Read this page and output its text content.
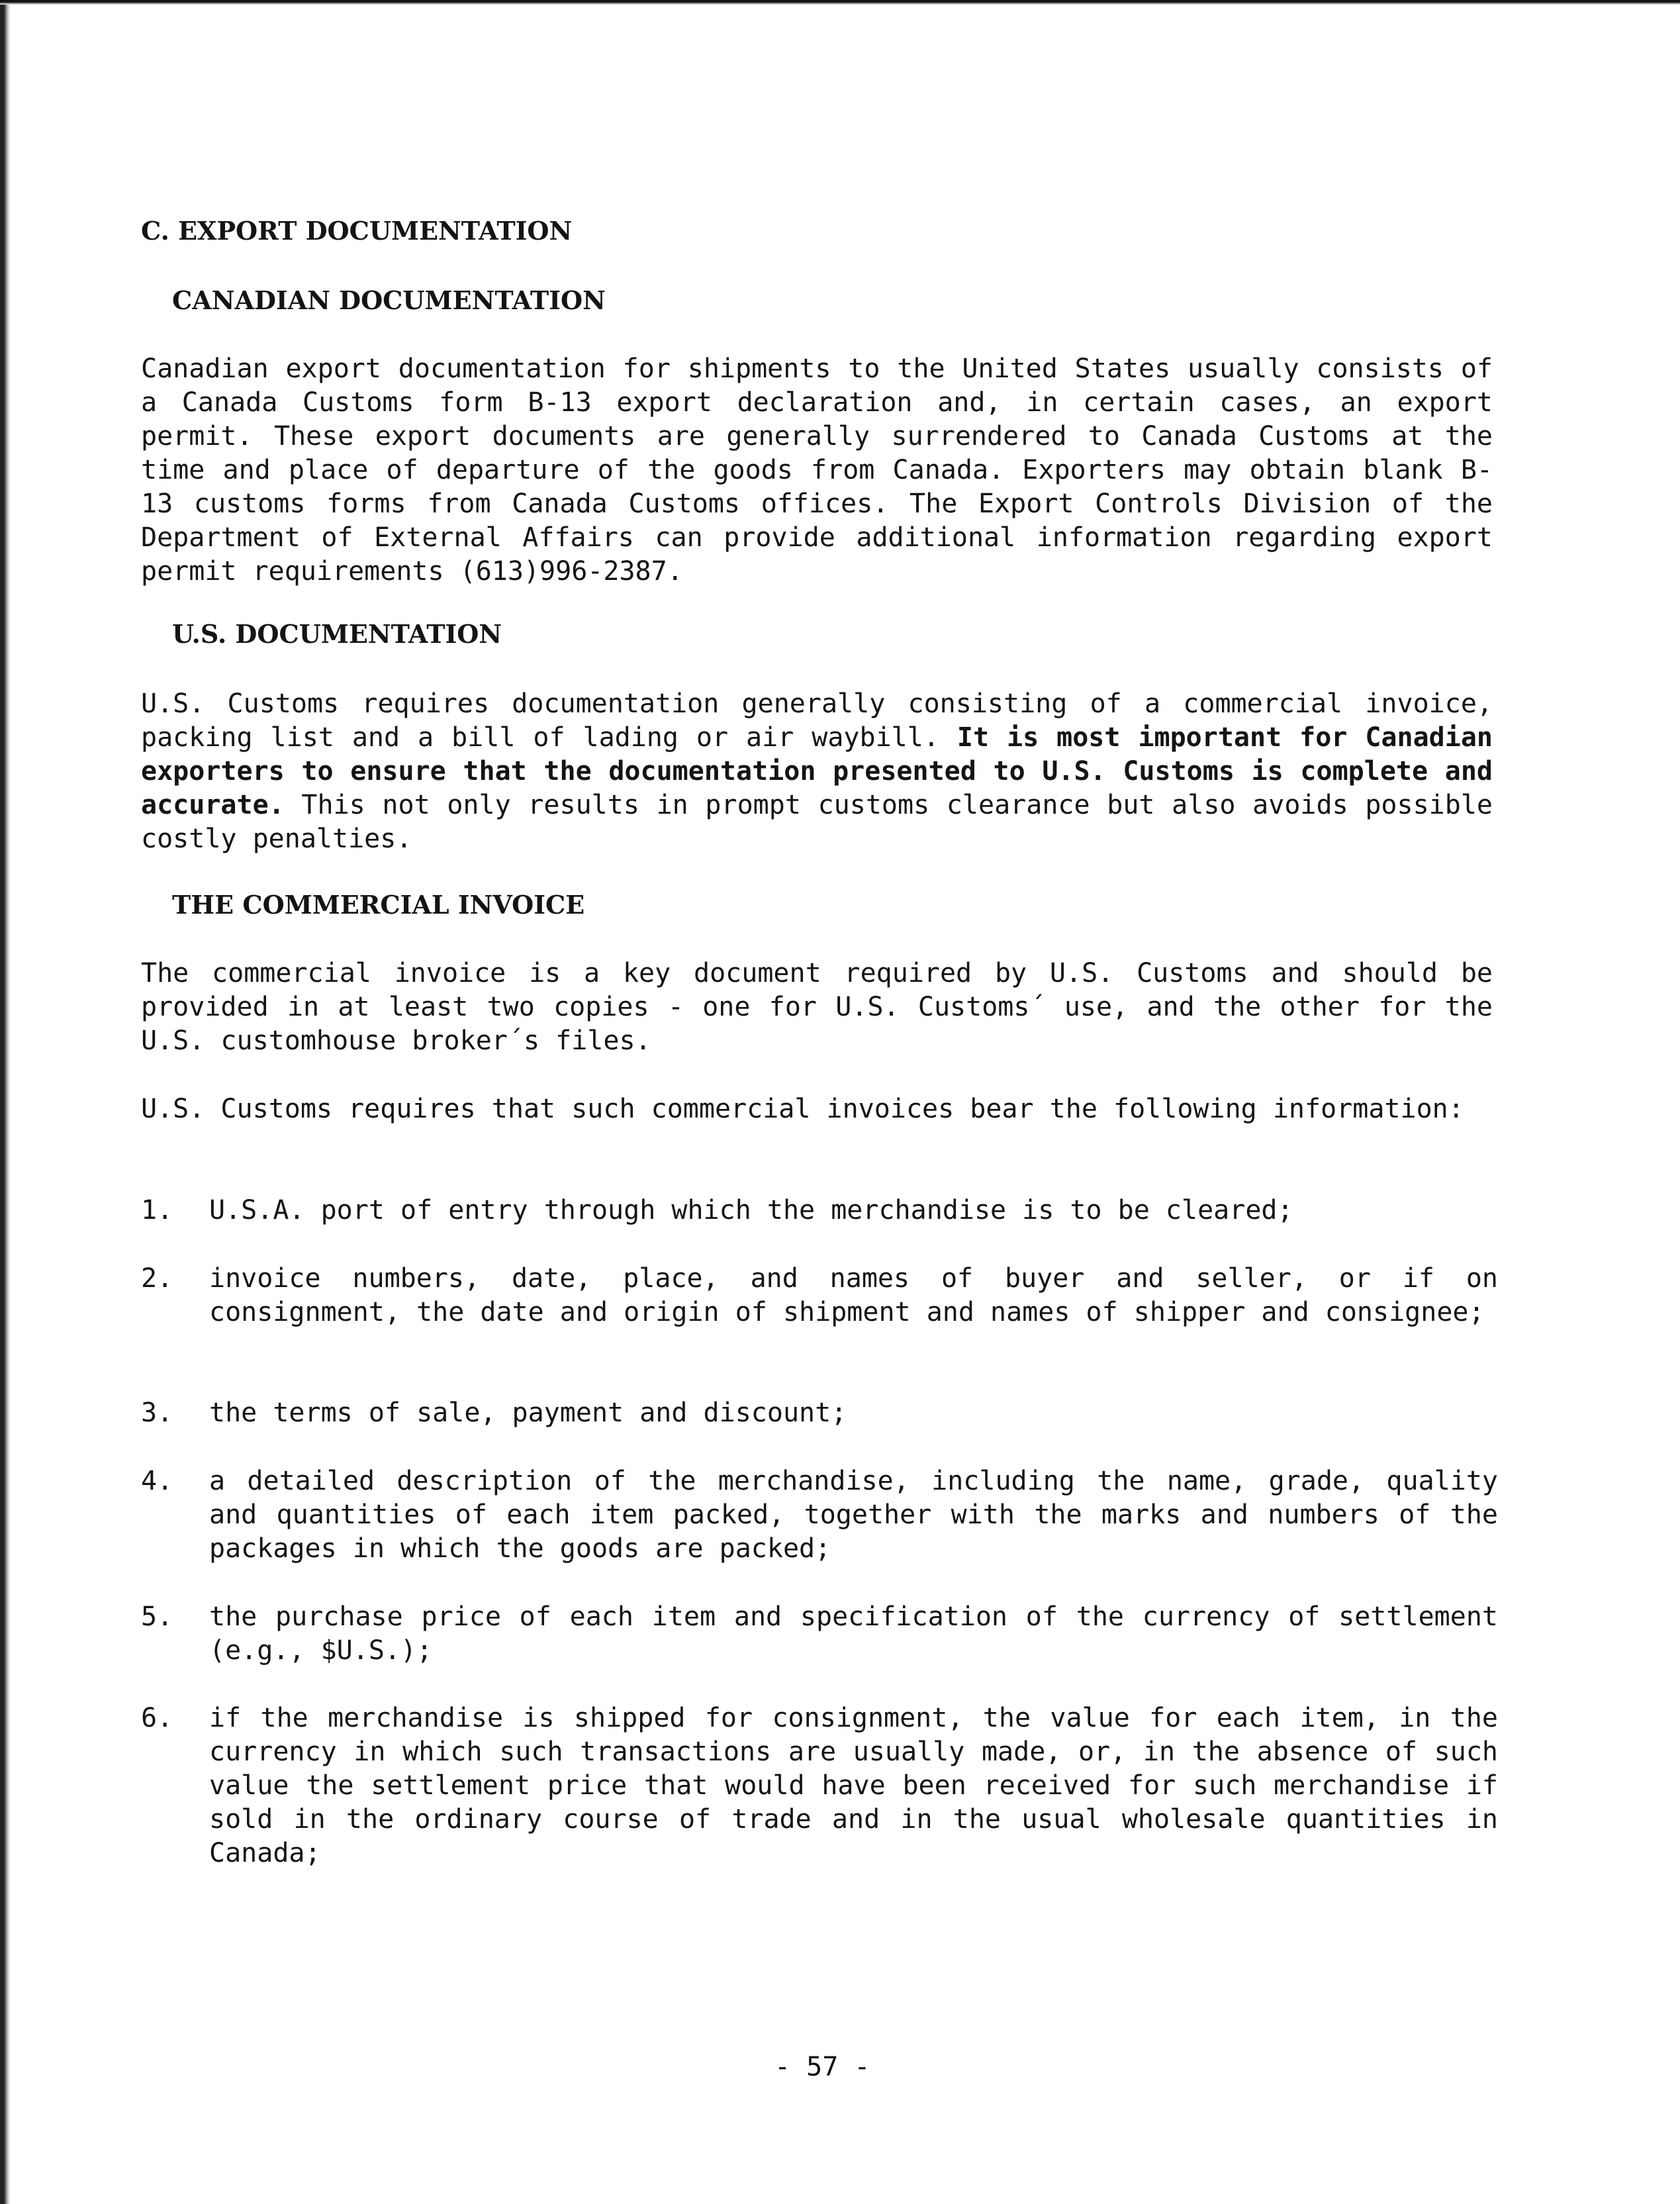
C. EXPORT DOCUMENTATION
CANADIAN DOCUMENTATION
Canadian export documentation for shipments to the United States usually consists of a Canada Customs form B-13 export declaration and, in certain cases, an export permit. These export documents are generally surrendered to Canada Customs at the time and place of departure of the goods from Canada. Exporters may obtain blank B-13 customs forms from Canada Customs offices. The Export Controls Division of the Department of External Affairs can provide additional information regarding export permit requirements (613)996-2387.
U.S. DOCUMENTATION
U.S. Customs requires documentation generally consisting of a commercial invoice, packing list and a bill of lading or air waybill. It is most important for Canadian exporters to ensure that the documentation presented to U.S. Customs is complete and accurate. This not only results in prompt customs clearance but also avoids possible costly penalties.
THE COMMERCIAL INVOICE
The commercial invoice is a key document required by U.S. Customs and should be provided in at least two copies - one for U.S. Customs´ use, and the other for the U.S. customhouse broker´s files.
U.S. Customs requires that such commercial invoices bear the following information:
1. U.S.A. port of entry through which the merchandise is to be cleared;
2. invoice numbers, date, place, and names of buyer and seller, or if on consignment, the date and origin of shipment and names of shipper and consignee;
3. the terms of sale, payment and discount;
4. a detailed description of the merchandise, including the name, grade, quality and quantities of each item packed, together with the marks and numbers of the packages in which the goods are packed;
5. the purchase price of each item and specification of the currency of settlement (e.g., $U.S.);
6. if the merchandise is shipped for consignment, the value for each item, in the currency in which such transactions are usually made, or, in the absence of such value the settlement price that would have been received for such merchandise if sold in the ordinary course of trade and in the usual wholesale quantities in Canada;
- 57 -
